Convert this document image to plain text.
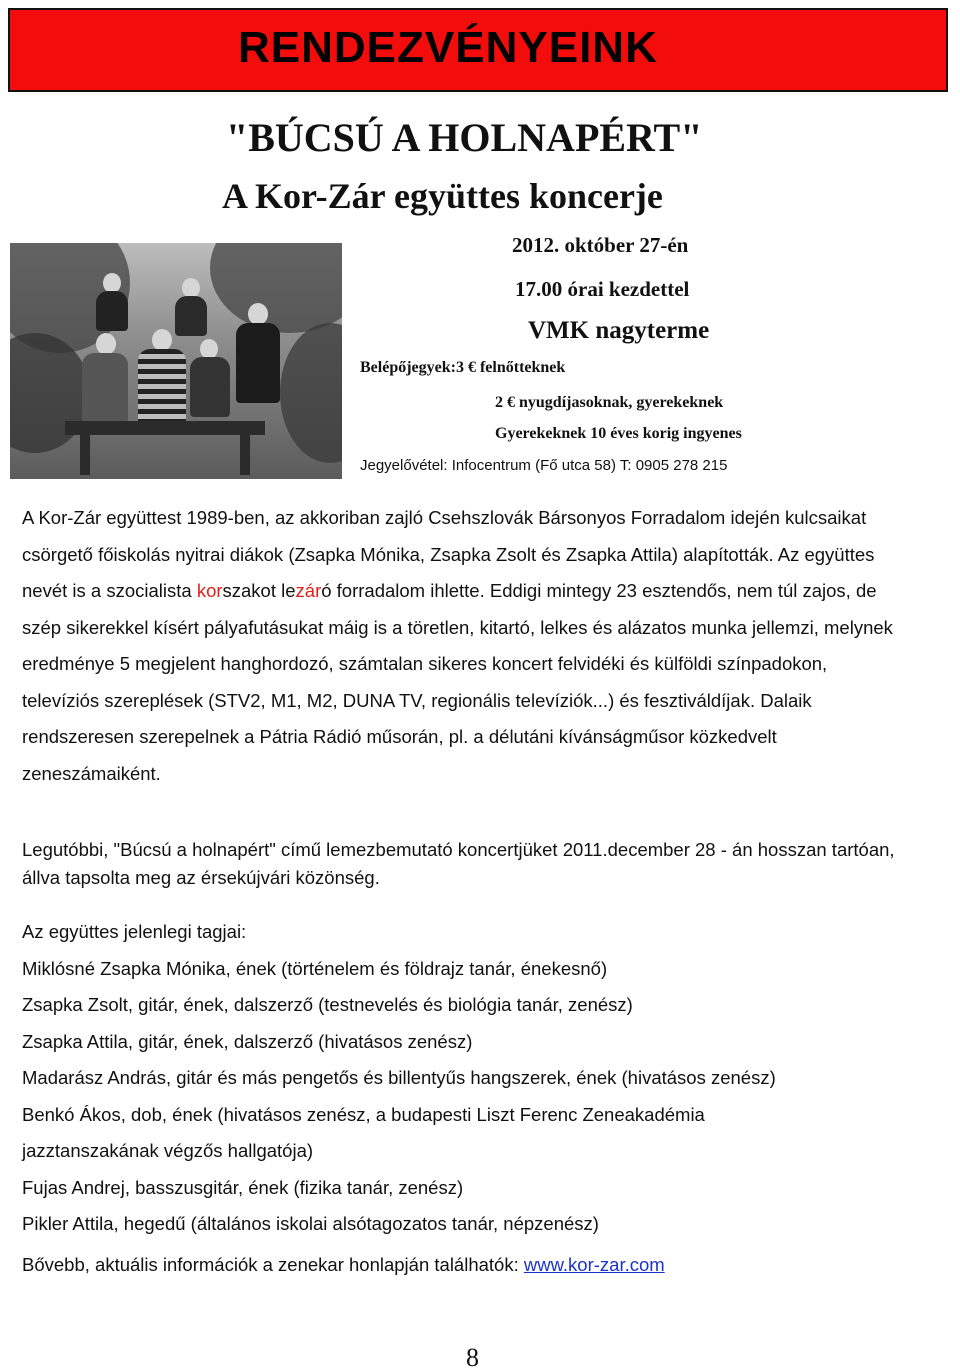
RENDEZVÉNYEINK
"BÚCSÚ A HOLNAPÉRT"
A Kor-Zár együttes koncerje
2012. október 27-én
17.00 órai kezdettel
VMK nagyterme
Belépőjegyek:3 € felnőtteknek
2 € nyugdíjasoknak, gyerekeknek
Gyerekeknek 10 éves korig ingyenes
Jegyelővétel: Infocentrum (Fő utca 58) T: 0905 278 215
A Kor-Zár együttest 1989-ben, az akkoriban zajló Csehszlovák Bársonyos Forradalom idején kulcsaikat csörgető főiskolás nyitrai diákok (Zsapka Mónika, Zsapka Zsolt és Zsapka Attila) alapították. Az együttes nevét is a szocialista korszakot lezáró forradalom ihlette. Eddigi mintegy 23 esztendős, nem túl zajos, de szép sikerekkel kísért pályafutásukat máig is a töretlen, kitartó, lelkes és alázatos munka jellemzi, melynek eredménye 5 megjelent hanghordozó, számtalan sikeres koncert felvidéki és külföldi színpadokon, televíziós szereplések (STV2, M1, M2, DUNA TV, regionális televíziók...) és fesztiváldíjak. Dalaik rendszeresen szerepelnek a Pátria Rádió műsorán, pl. a délutáni kívánságműsor közkedvelt zeneszámaiként.
Legutóbbi, "Búcsú a holnapért" című lemezbemutató koncertjüket 2011.december 28 - án hosszan tartóan, állva tapsolta meg az érsekújvári közönség.
Az együttes jelenlegi tagjai:
Miklósné Zsapka Mónika, ének (történelem és földrajz tanár, énekesnő)
Zsapka Zsolt, gitár, ének, dalszerző (testnevelés és biológia tanár, zenész)
Zsapka Attila, gitár, ének, dalszerző (hivatásos zenész)
Madarász András, gitár és más pengetős és billentyűs hangszerek, ének (hivatásos zenész)
Benkó Ákos, dob, ének (hivatásos zenész, a budapesti Liszt Ferenc Zeneakadémia
jazztanszakának végzős hallgatója)
Fujas Andrej, basszusgitár, ének (fizika tanár, zenész)
Pikler Attila, hegedű (általános iskolai alsótagozatos tanár, népzenész)
Bővebb, aktuális információk a zenekar honlapján találhatók: www.kor-zar.com
8
